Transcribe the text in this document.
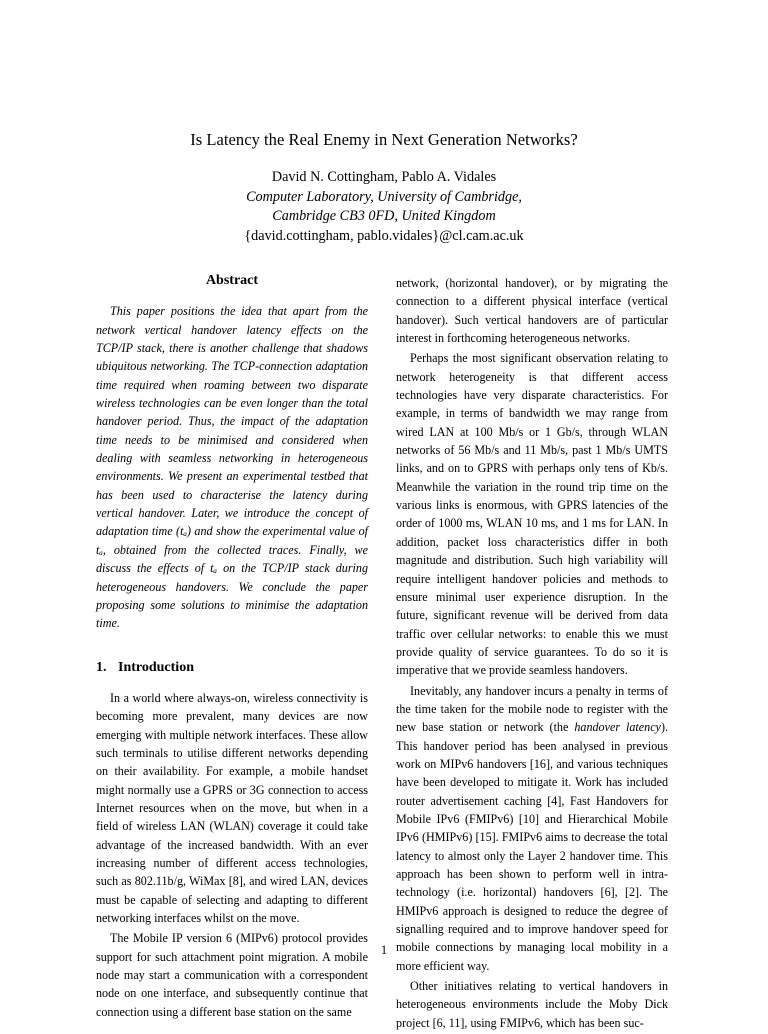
Is Latency the Real Enemy in Next Generation Networks?
David N. Cottingham, Pablo A. Vidales
Computer Laboratory, University of Cambridge,
Cambridge CB3 0FD, United Kingdom
{david.cottingham, pablo.vidales}@cl.cam.ac.uk
Abstract

This paper positions the idea that apart from the network vertical handover latency effects on the TCP/IP stack, there is another challenge that shadows ubiquitous networking. The TCP-connection adaptation time required when roaming between two disparate wireless technologies can be even longer than the total handover period. Thus, the impact of the adaptation time needs to be minimised and considered when dealing with seamless networking in heterogeneous environments. We present an experimental testbed that has been used to characterise the latency during vertical handover. Later, we introduce the concept of adaptation time (tₐ) and show the experimental value of tₐ, obtained from the collected traces. Finally, we discuss the effects of tₐ on the TCP/IP stack during heterogeneous handovers. We conclude the paper proposing some solutions to minimise the adaptation time.

1. Introduction

In a world where always-on, wireless connectivity is becoming more prevalent, many devices are now emerging with multiple network interfaces. These allow such terminals to utilise different networks depending on their availability. For example, a mobile handset might normally use a GPRS or 3G connection to access Internet resources when on the move, but when in a field of wireless LAN (WLAN) coverage it could take advantage of the increased bandwidth. With an ever increasing number of different access technologies, such as 802.11b/g, WiMax [8], and wired LAN, devices must be capable of selecting and adapting to different networking interfaces whilst on the move.

The Mobile IP version 6 (MIPv6) protocol provides support for such attachment point migration. A mobile node may start a communication with a correspondent node on one interface, and subsequently continue that connection using a different base station on the same

network, (horizontal handover), or by migrating the connection to a different physical interface (vertical handover). Such vertical handovers are of particular interest in forthcoming heterogeneous networks.

Perhaps the most significant observation relating to network heterogeneity is that different access technologies have very disparate characteristics. For example, in terms of bandwidth we may range from wired LAN at 100 Mb/s or 1 Gb/s, through WLAN networks of 56 Mb/s and 11 Mb/s, past 1 Mb/s UMTS links, and on to GPRS with perhaps only tens of Kb/s. Meanwhile the variation in the round trip time on the various links is enormous, with GPRS latencies of the order of 1000 ms, WLAN 10 ms, and 1 ms for LAN. In addition, packet loss characteristics differ in both magnitude and distribution. Such high variability will require intelligent handover policies and methods to ensure minimal user experience disruption. In the future, significant revenue will be derived from data traffic over cellular networks: to enable this we must provide quality of service guarantees. To do so it is imperative that we provide seamless handovers.

Inevitably, any handover incurs a penalty in terms of the time taken for the mobile node to register with the new base station or network (the handover latency). This handover period has been analysed in previous work on MIPv6 handovers [16], and various techniques have been developed to mitigate it. Work has included router advertisement caching [4], Fast Handovers for Mobile IPv6 (FMIPv6) [10] and Hierarchical Mobile IPv6 (HMIPv6) [15]. FMIPv6 aims to decrease the total latency to almost only the Layer 2 handover time. This approach has been shown to perform well in intra-technology (i.e. horizontal) handovers [6], [2]. The HMIPv6 approach is designed to reduce the degree of signalling required and to improve handover speed for mobile connections by managing local mobility in a more efficient way.

Other initiatives relating to vertical handovers in heterogeneous environments include the Moby Dick project [6, 11], using FMIPv6, which has been suc-

1
